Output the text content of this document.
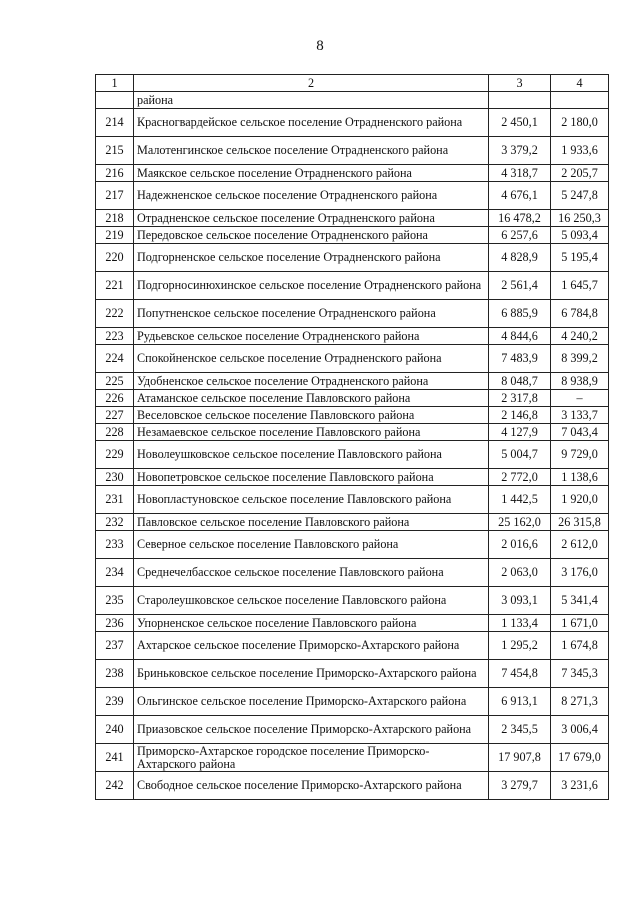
8
1	2	3	4
	района		
214	Красногвардейское сельское поселение Отрадненского района	2 450,1	2 180,0
215	Малотенгинское сельское поселение Отрадненского района	3 379,2	1 933,6
216	Маякское сельское поселение Отрадненского района	4 318,7	2 205,7
217	Надежненское сельское поселение Отрадненского района	4 676,1	5 247,8
218	Отрадненское сельское поселение Отрадненского района	16 478,2	16 250,3
219	Передовское сельское поселение Отрадненского района	6 257,6	5 093,4
220	Подгорненское сельское поселение Отрадненского района	4 828,9	5 195,4
221	Подгорносинюхинское сельское поселение Отрадненского района	2 561,4	1 645,7
222	Попутненское сельское поселение Отрадненского района	6 885,9	6 784,8
223	Рудьевское сельское поселение Отрадненского района	4 844,6	4 240,2
224	Спокойненское сельское поселение Отрадненского района	7 483,9	8 399,2
225	Удобненское сельское поселение Отрадненского района	8 048,7	8 938,9
226	Атаманское сельское поселение Павловского района	2 317,8	–
227	Веселовское сельское поселение Павловского района	2 146,8	3 133,7
228	Незамаевское сельское поселение Павловского района	4 127,9	7 043,4
229	Новолеушковское сельское поселение Павловского района	5 004,7	9 729,0
230	Новопетровское сельское поселение Павловского района	2 772,0	1 138,6
231	Новопластуновское сельское поселение Павловского района	1 442,5	1 920,0
232	Павловское сельское поселение Павловского района	25 162,0	26 315,8
233	Северное сельское поселение Павловского района	2 016,6	2 612,0
234	Среднечелбасское сельское поселение Павловского района	2 063,0	3 176,0
235	Старолеушковское сельское поселение Павловского района	3 093,1	5 341,4
236	Упорненское сельское поселение Павловского района	1 133,4	1 671,0
237	Ахтарское сельское поселение Приморско-Ахтарского района	1 295,2	1 674,8
238	Бриньковское сельское поселение Приморско-Ахтарского района	7 454,8	7 345,3
239	Ольгинское сельское поселение Приморско-Ахтарского района	6 913,1	8 271,3
240	Приазовское сельское поселение Приморско-Ахтарского района	2 345,5	3 006,4
241	Приморско-Ахтарское городское поселение Приморско-Ахтарского района	17 907,8	17 679,0
242	Свободное сельское поселение Приморско-Ахтарского района	3 279,7	3 231,6
